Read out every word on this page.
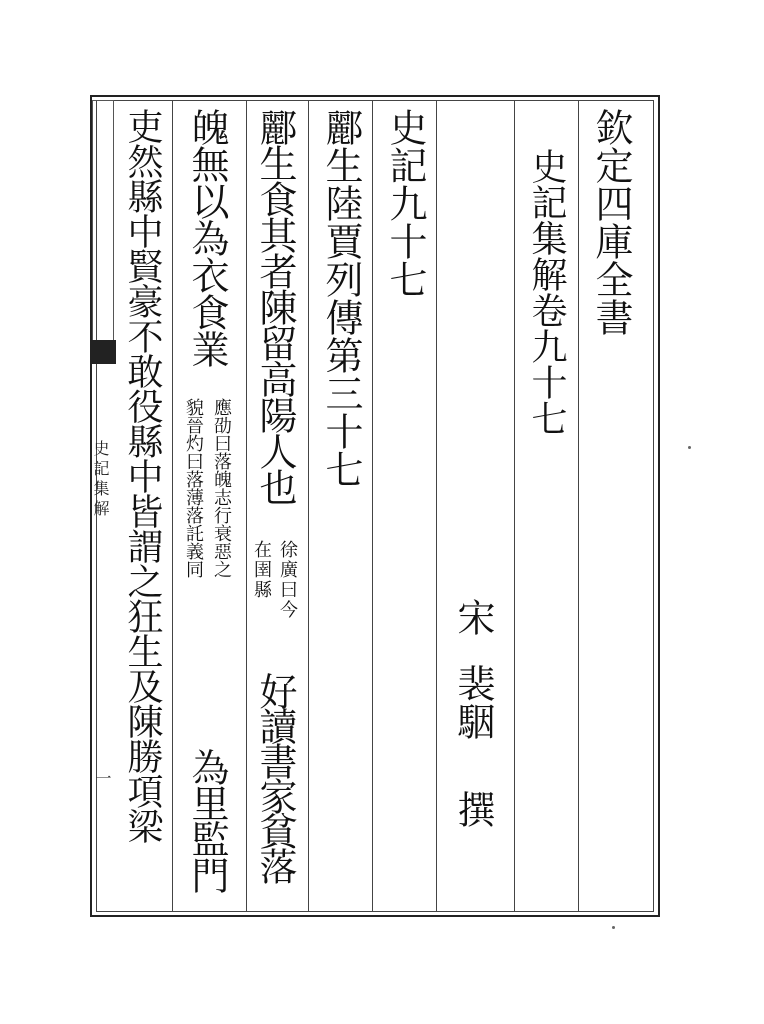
欽定四庫全書
史記集解卷九十七
宋
裴駰
撰
史記九十七
酈生陸賈列傳第三十七
酈生食其者陳留高陽人也
徐廣曰今
在圉縣
好讀書家貧落
魄無以為衣食業
應劭曰落魄志行衰惡之
貌晉灼曰落薄落託義同
為里監門
吏然縣中賢豪不敢役縣中皆謂之狂生及陳勝項梁
史記集解
一
